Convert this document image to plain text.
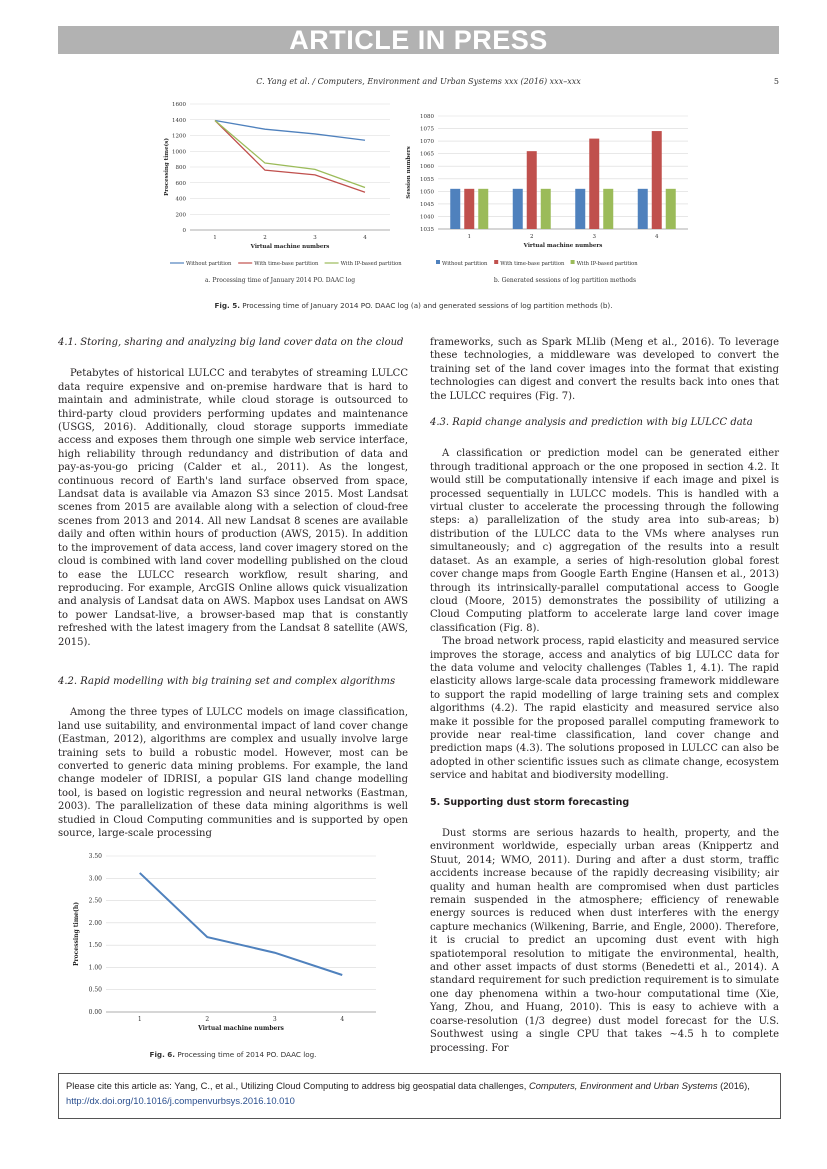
ARTICLE IN PRESS
C. Yang et al. / Computers, Environment and Urban Systems xxx (2016) xxx–xxx	5
0
200
400
600
800
1000
1200
1400
1600
1	2	3	4
Virtual machine numbers
Processing time(s)
Without partition	With time-base partition	With IP-based partition
a. Processing time of January 2014 PO. DAAC log
1035
1040
1045
1050
1055
1060
1065
1070
1075
1080
1	2	3	4
Virtual machine numbers
Session numbers
Without partition With time-base partition With IP-based partition
b. Generated sessions of log partition methods
Fig. 5. Processing time of January 2014 PO. DAAC log (a) and generated sessions of log partition methods (b).

4.1. Storing, sharing and analyzing big land cover data on the cloud

Petabytes of historical LULCC and terabytes of streaming LULCC data require expensive and on-premise hardware that is hard to maintain and administrate, while cloud storage is outsourced to third-party cloud providers performing updates and maintenance (USGS, 2016). Additionally, cloud storage supports immediate access and exposes them through one simple web service interface, high reliability through redundancy and distribution of data and pay-as-you-go pricing (Calder et al., 2011). As the longest, continuous record of Earth's land surface observed from space, Landsat data is available via Amazon S3 since 2015. Most Landsat scenes from 2015 are available along with a selection of cloud-free scenes from 2013 and 2014. All new Landsat 8 scenes are available daily and often within hours of production (AWS, 2015). In addition to the improvement of data access, land cover imagery stored on the cloud is combined with land cover modelling published on the cloud to ease the LULCC research workflow, result sharing, and reproducing. For example, ArcGIS Online allows quick visualization and analysis of Landsat data on AWS. Mapbox uses Landsat on AWS to power Landsat-live, a browser-based map that is constantly refreshed with the latest imagery from the Landsat 8 satellite (AWS, 2015).

4.2. Rapid modelling with big training set and complex algorithms

Among the three types of LULCC models on image classification, land use suitability, and environmental impact of land cover change (Eastman, 2012), algorithms are complex and usually involve large training sets to build a robustic model. However, most can be converted to generic data mining problems. For example, the land change modeler of IDRISI, a popular GIS land change modelling tool, is based on logistic regression and neural networks (Eastman, 2003). The parallelization of these data mining algorithms is well studied in Cloud Computing communities and is supported by open source, large-scale processing

0.00
0.50
1.00
1.50
2.00
2.50
3.00
3.50
1	2	3	4
Virtual machine numbers
Processing time(h)
Fig. 6. Processing time of 2014 PO. DAAC log.

frameworks, such as Spark MLlib (Meng et al., 2016). To leverage these technologies, a middleware was developed to convert the training set of the land cover images into the format that existing technologies can digest and convert the results back into ones that the LULCC requires (Fig. 7).

4.3. Rapid change analysis and prediction with big LULCC data

A classification or prediction model can be generated either through traditional approach or the one proposed in section 4.2. It would still be computationally intensive if each image and pixel is processed sequentially in LULCC models. This is handled with a virtual cluster to accelerate the processing through the following steps: a) parallelization of the study area into sub-areas; b) distribution of the LULCC data to the VMs where analyses run simultaneously; and c) aggregation of the results into a result dataset. As an example, a series of high-resolution global forest cover change maps from Google Earth Engine (Hansen et al., 2013) through its intrinsically-parallel computational access to Google cloud (Moore, 2015) demonstrates the possibility of utilizing a Cloud Computing platform to accelerate large land cover image classification (Fig. 8).

The broad network process, rapid elasticity and measured service improves the storage, access and analytics of big LULCC data for the data volume and velocity challenges (Tables 1, 4.1). The rapid elasticity allows large-scale data processing framework middleware to support the rapid modelling of large training sets and complex algorithms (4.2). The rapid elasticity and measured service also make it possible for the proposed parallel computing framework to provide near real-time classification, land cover change and prediction maps (4.3). The solutions proposed in LULCC can also be adopted in other scientific issues such as climate change, ecosystem service and habitat and biodiversity modelling.

5. Supporting dust storm forecasting

Dust storms are serious hazards to health, property, and the environment worldwide, especially urban areas (Knippertz and Stuut, 2014; WMO, 2011). During and after a dust storm, traffic accidents increase because of the rapidly decreasing visibility; air quality and human health are compromised when dust particles remain suspended in the atmosphere; efficiency of renewable energy sources is reduced when dust interferes with the energy capture mechanics (Wilkening, Barrie, and Engle, 2000). Therefore, it is crucial to predict an upcoming dust event with high spatiotemporal resolution to mitigate the environmental, health, and other asset impacts of dust storms (Benedetti et al., 2014). A standard requirement for such prediction requirement is to simulate one day phenomena within a two-hour computational time (Xie, Yang, Zhou, and Huang, 2010). This is easy to achieve with a coarse-resolution (1/3 degree) dust model forecast for the U.S. Southwest using a single CPU that takes ~4.5 h to complete processing. For

Please cite this article as: Yang, C., et al., Utilizing Cloud Computing to address big geospatial data challenges, Computers, Environment and Urban Systems (2016), http://dx.doi.org/10.1016/j.compenvurbsys.2016.10.010
